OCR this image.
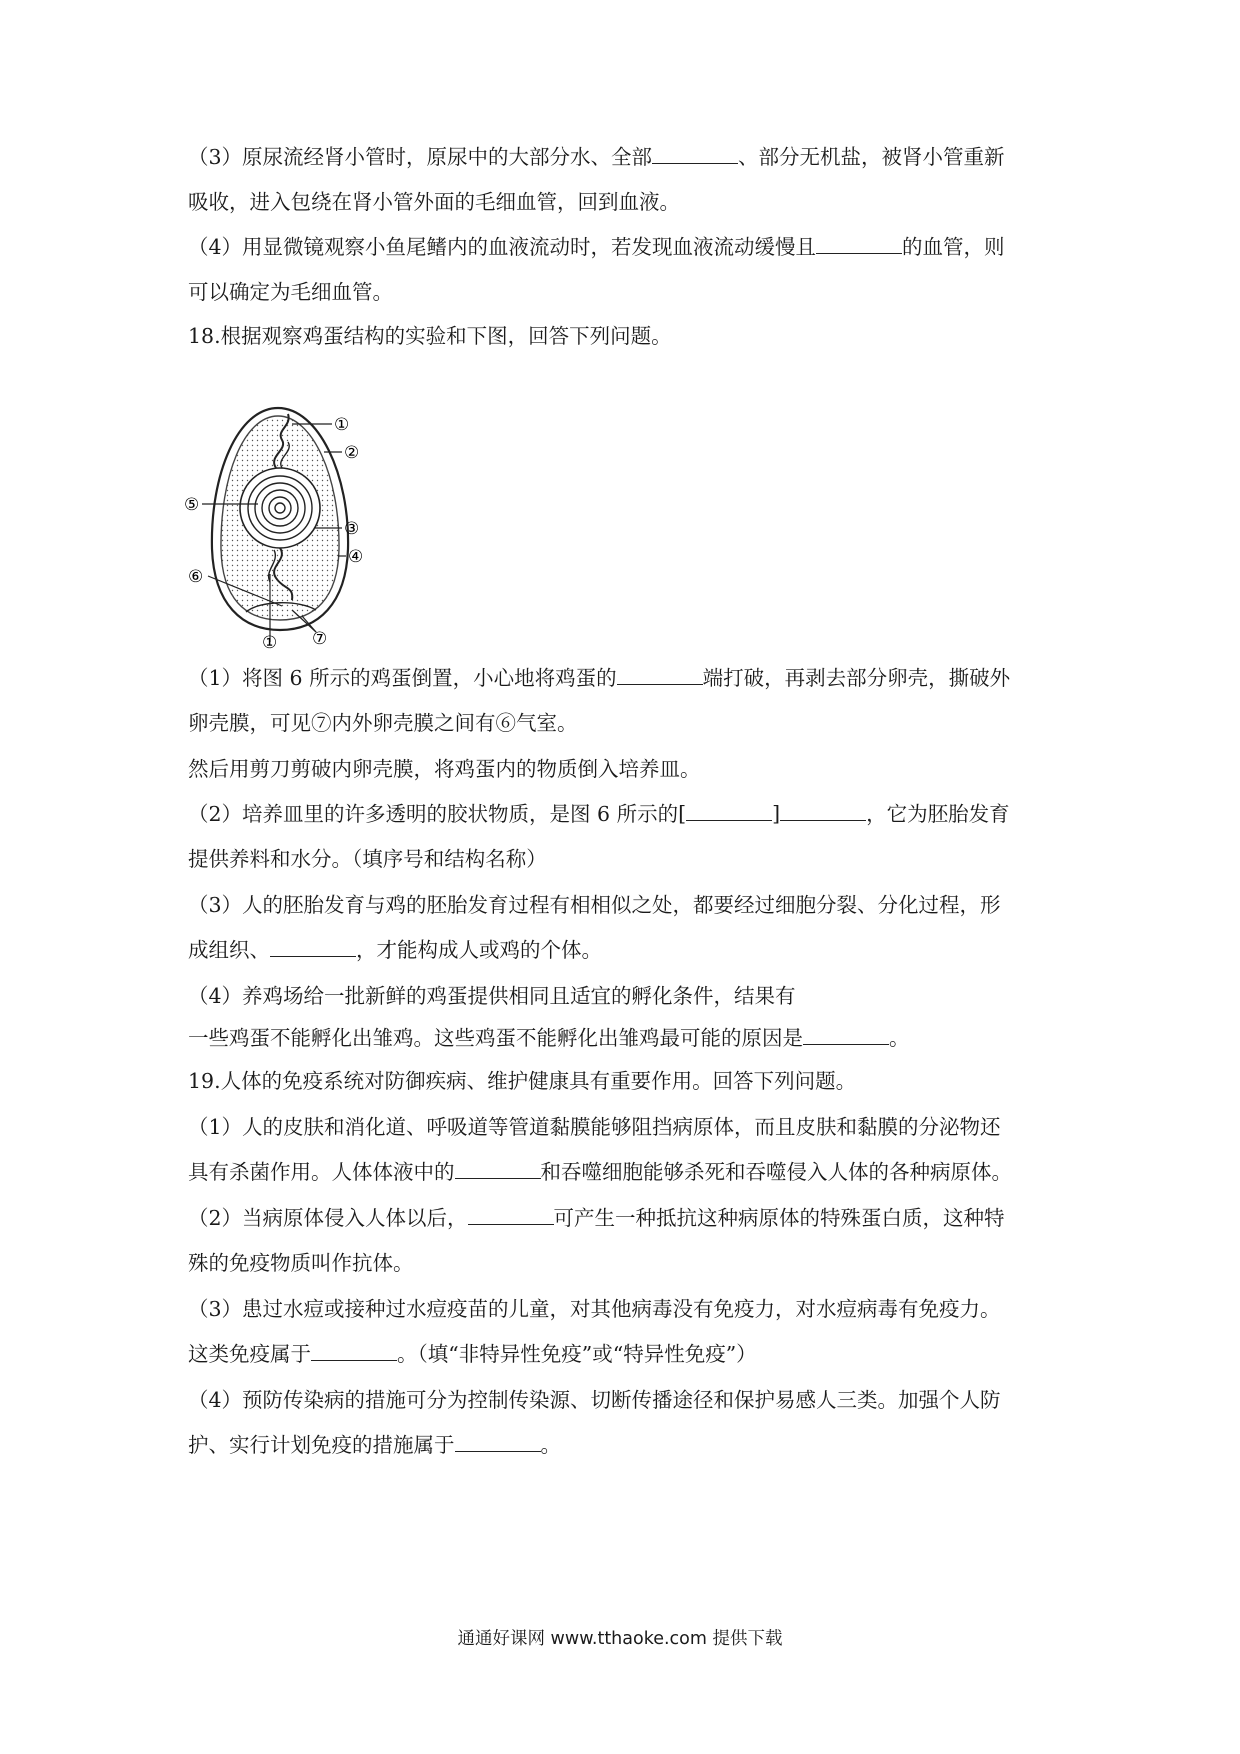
（3）原尿流经肾小管时，原尿中的大部分水、全部	、部分无机盐，被肾小管重新
吸收，进入包绕在肾小管外面的毛细血管，回到血液。
（4）用显微镜观察小鱼尾鳍内的血液流动时，若发现血液流动缓慢且	的血管，则
可以确定为毛细血管。
18.根据观察鸡蛋结构的实验和下图，回答下列问题。
①
②
⑤
③
④
⑥
① ⑦
（1）将图 6 所示的鸡蛋倒置，小心地将鸡蛋的	端打破，再剥去部分卵壳，撕破外
卵壳膜，可见⑦内外卵壳膜之间有⑥气室。
然后用剪刀剪破内卵壳膜，将鸡蛋内的物质倒入培养皿。
（2）培养皿里的许多透明的胶状物质，是图 6 所示的[	]	，它为胚胎发育
提供养料和水分。（填序号和结构名称）
（3）人的胚胎发育与鸡的胚胎发育过程有相相似之处，都要经过细胞分裂、分化过程，形
成组织、	，才能构成人或鸡的个体。
（4）养鸡场给一批新鲜的鸡蛋提供相同且适宜的孵化条件，结果有
一些鸡蛋不能孵化出雏鸡。这些鸡蛋不能孵化出雏鸡最可能的原因是	。
19.人体的免疫系统对防御疾病、维护健康具有重要作用。回答下列问题。
（1）人的皮肤和消化道、呼吸道等管道黏膜能够阻挡病原体，而且皮肤和黏膜的分泌物还
具有杀菌作用。人体体液中的	和吞噬细胞能够杀死和吞噬侵入人体的各种病原体。
（2）当病原体侵入人体以后，	可产生一种抵抗这种病原体的特殊蛋白质，这种特
殊的免疫物质叫作抗体。
（3）患过水痘或接种过水痘疫苗的儿童，对其他病毒没有免疫力，对水痘病毒有免疫力。
这类免疫属于	。（填“非特异性免疫”或“特异性免疫”）
（4）预防传染病的措施可分为控制传染源、切断传播途径和保护易感人三类。加强个人防
护、实行计划免疫的措施属于	。
通通好课网 www.tthaoke.com 提供下载
